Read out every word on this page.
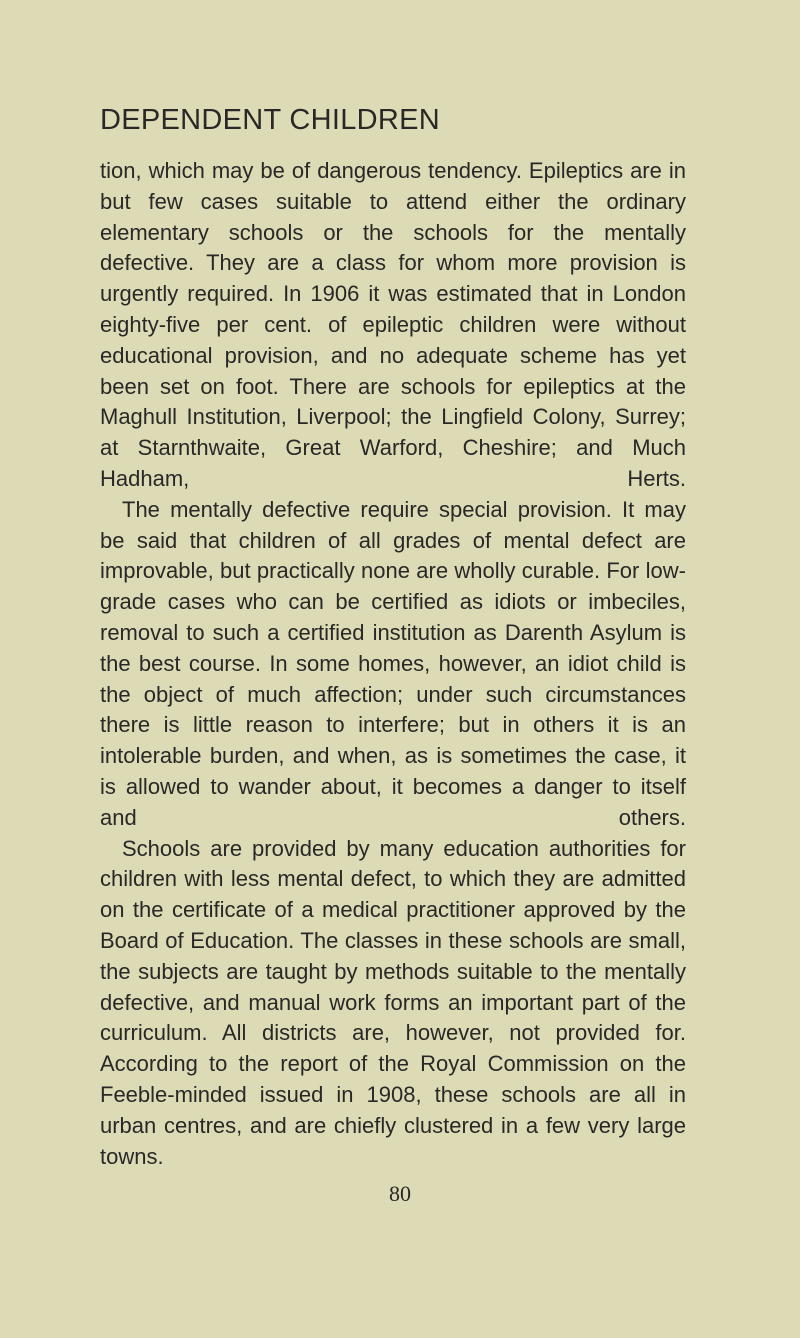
DEPENDENT CHILDREN

tion, which may be of dangerous tendency. Epileptics are in but few cases suitable to attend either the ordinary elementary schools or the schools for the mentally defective. They are a class for whom more provision is urgently required. In 1906 it was estimated that in London eighty-five per cent. of epileptic children were without educational provision, and no adequate scheme has yet been set on foot. There are schools for epileptics at the Maghull Institution, Liverpool; the Lingfield Colony, Surrey; at Starnthwaite, Great Warford, Cheshire; and Much Hadham, Herts.

The mentally defective require special provision. It may be said that children of all grades of mental defect are improvable, but practically none are wholly curable. For low-grade cases who can be certified as idiots or imbeciles, removal to such a certified institution as Darenth Asylum is the best course. In some homes, however, an idiot child is the object of much affection; under such circumstances there is little reason to interfere; but in others it is an intolerable burden, and when, as is sometimes the case, it is allowed to wander about, it becomes a danger to itself and others.

Schools are provided by many education authorities for children with less mental defect, to which they are admitted on the certificate of a medical practitioner approved by the Board of Education. The classes in these schools are small, the subjects are taught by methods suitable to the mentally defective, and manual work forms an important part of the curriculum. All districts are, however, not provided for. According to the report of the Royal Commission on the Feeble-minded issued in 1908, these schools are all in urban centres, and are chiefly clustered in a few very large towns.

80
